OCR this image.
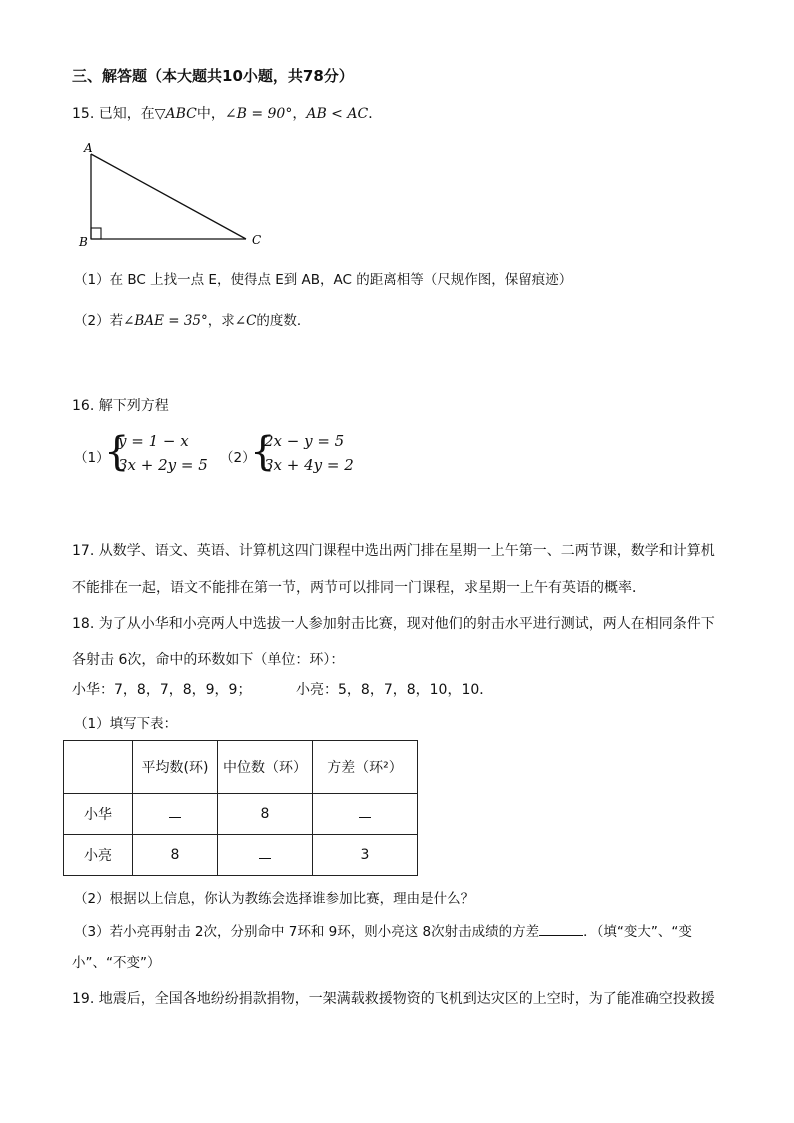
三、解答题（本大题共10小题，共78分）
15. 已知，在▽ABC中，∠B = 90°，AB < AC．
A
B	C
（1）在 BC 上找一点 E，使得点 E到 AB，AC 的距离相等（尺规作图，保留痕迹）
（2）若∠BAE = 35°，求∠C的度数．
16. 解下列方程
（1）
{
y = 1 − x
3x + 2y = 5 （2）
{
2x − y = 5
3x + 4y = 2
17. 从数学、语文、英语、计算机这四门课程中选出两门排在星期一上午第一、二两节课，数学和计算机
不能排在一起，语文不能排在第一节，两节可以排同一门课程，求星期一上午有英语的概率．
18. 为了从小华和小亮两人中选拔一人参加射击比赛，现对他们的射击水平进行测试，两人在相同条件下
各射击 6次，命中的环数如下（单位：环）：
小华：7，8，7，8，9，9；	小亮：5，8，7，8，10，10．
（1）填写下表：
	平均数(环)	中位数（环）	方差（环²）
小华		8	
小亮	8		3
（2）根据以上信息，你认为教练会选择谁参加比赛，理由是什么？
（3）若小亮再射击 2次，分别命中 7环和 9环，则小亮这 8次射击成绩的方差	．（填“变大”、“变
小”、“不变”）
19. 地震后，全国各地纷纷捐款捐物，一架满载救援物资的飞机到达灾区的上空时，为了能准确空投救援
